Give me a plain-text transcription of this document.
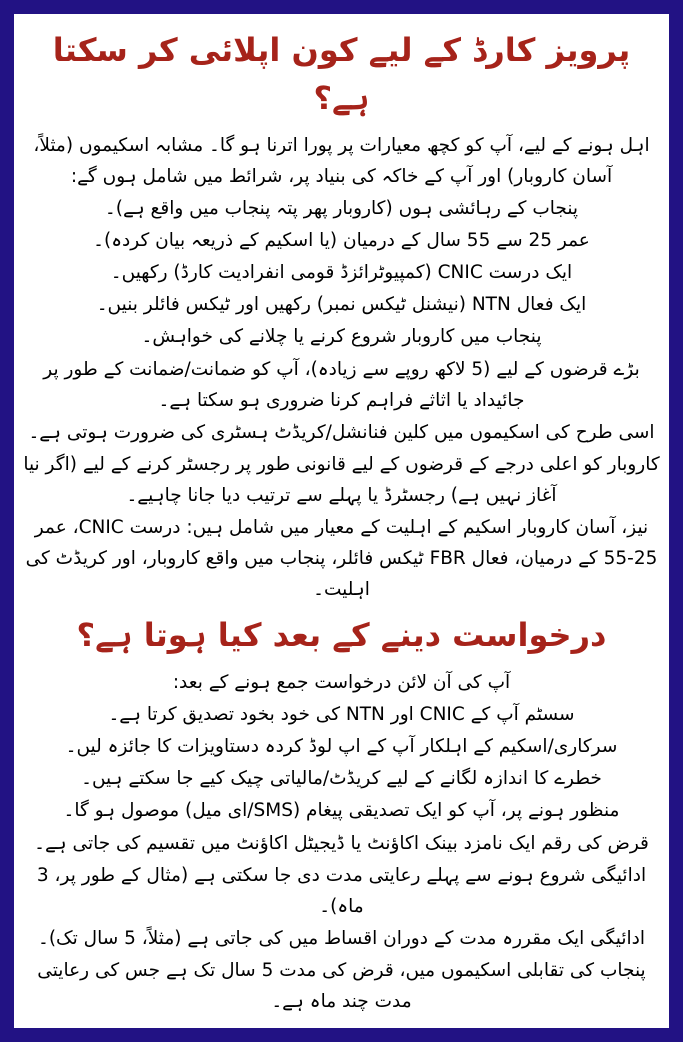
پرویز کارڈ کے لیے کون اپلائی کر سکتا ہے؟

اہل ہونے کے لیے، آپ کو کچھ معیارات پر پورا اترنا ہو گا۔ مشابہ اسکیموں (مثلاً، آسان کاروبار) اور آپ کے خاکہ کی بنیاد پر، شرائط میں شامل ہوں گے:

پنجاب کے رہائشی ہوں (کاروبار پھر پتہ پنجاب میں واقع ہے)۔

عمر 25 سے 55 سال کے درمیان (یا اسکیم کے ذریعہ بیان کردہ)۔

ایک درست CNIC (کمپیوٹرائزڈ قومی انفرادیت کارڈ) رکھیں۔

ایک فعال NTN (نیشنل ٹیکس نمبر) رکھیں اور ٹیکس فائلر بنیں۔

پنجاب میں کاروبار شروع کرنے یا چلانے کی خواہش۔

بڑے قرضوں کے لیے (5 لاکھ روپے سے زیادہ)، آپ کو ضمانت/ضمانت کے طور پر جائیداد یا اثاثے فراہم کرنا ضروری ہو سکتا ہے۔

اسی طرح کی اسکیموں میں کلین فنانشل/کریڈٹ ہسٹری کی ضرورت ہوتی ہے۔

کاروبار کو اعلی درجے کے قرضوں کے لیے قانونی طور پر رجسٹر کرنے کے لیے (اگر نیا آغاز نہیں ہے) رجسٹرڈ یا پہلے سے ترتیب دیا جانا چاہیے۔

نیز، آسان کاروبار اسکیم کے اہلیت کے معیار میں شامل ہیں: درست CNIC، عمر 25-55 کے درمیان، فعال FBR ٹیکس فائلر، پنجاب میں واقع کاروبار، اور کریڈٹ کی اہلیت۔

درخواست دینے کے بعد کیا ہوتا ہے؟

آپ کی آن لائن درخواست جمع ہونے کے بعد:

سسٹم آپ کے CNIC اور NTN کی خود بخود تصدیق کرتا ہے۔

سرکاری/اسکیم کے اہلکار آپ کے اپ لوڈ کردہ دستاویزات کا جائزہ لیں۔

خطرے کا اندازہ لگانے کے لیے کریڈٹ/مالیاتی چیک کیے جا سکتے ہیں۔

منظور ہونے پر، آپ کو ایک تصدیقی پیغام (SMS/ای میل) موصول ہو گا۔

قرض کی رقم ایک نامزد بینک اکاؤنٹ یا ڈیجیٹل اکاؤنٹ میں تقسیم کی جاتی ہے۔

ادائیگی شروع ہونے سے پہلے رعایتی مدت دی جا سکتی ہے (مثال کے طور پر، 3 ماہ)۔

ادائیگی ایک مقررہ مدت کے دوران اقساط میں کی جاتی ہے (مثلاً، 5 سال تک)۔

پنجاب کی تقابلی اسکیموں میں، قرض کی مدت 5 سال تک ہے جس کی رعایتی مدت چند ماہ ہے۔
